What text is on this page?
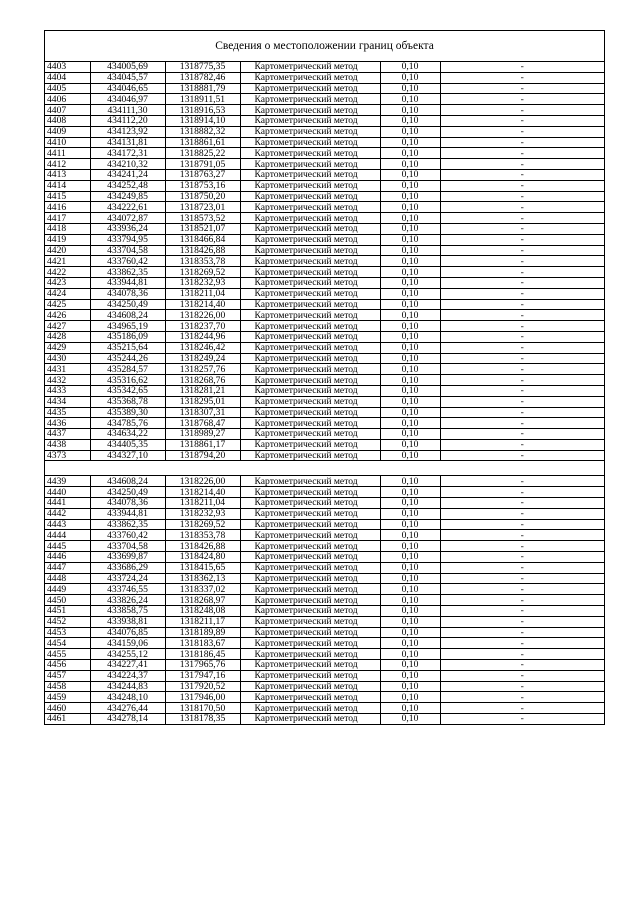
Сведения о местоположении границ объекта
4403	434005,69	1318775,35	Картометрический метод	0,10	-
4404	434045,57	1318782,46	Картометрический метод	0,10	-
4405	434046,65	1318881,79	Картометрический метод	0,10	-
4406	434046,97	1318911,51	Картометрический метод	0,10	-
4407	434111,30	1318916,53	Картометрический метод	0,10	-
4408	434112,20	1318914,10	Картометрический метод	0,10	-
4409	434123,92	1318882,32	Картометрический метод	0,10	-
4410	434131,81	1318861,61	Картометрический метод	0,10	-
4411	434172,31	1318825,22	Картометрический метод	0,10	-
4412	434210,32	1318791,05	Картометрический метод	0,10	-
4413	434241,24	1318763,27	Картометрический метод	0,10	-
4414	434252,48	1318753,16	Картометрический метод	0,10	-
4415	434249,85	1318750,20	Картометрический метод	0,10	-
4416	434222,61	1318723,01	Картометрический метод	0,10	-
4417	434072,87	1318573,52	Картометрический метод	0,10	-
4418	433936,24	1318521,07	Картометрический метод	0,10	-
4419	433794,95	1318466,84	Картометрический метод	0,10	-
4420	433704,58	1318426,88	Картометрический метод	0,10	-
4421	433760,42	1318353,78	Картометрический метод	0,10	-
4422	433862,35	1318269,52	Картометрический метод	0,10	-
4423	433944,81	1318232,93	Картометрический метод	0,10	-
4424	434078,36	1318211,04	Картометрический метод	0,10	-
4425	434250,49	1318214,40	Картометрический метод	0,10	-
4426	434608,24	1318226,00	Картометрический метод	0,10	-
4427	434965,19	1318237,70	Картометрический метод	0,10	-
4428	435186,09	1318244,96	Картометрический метод	0,10	-
4429	435215,64	1318246,42	Картометрический метод	0,10	-
4430	435244,26	1318249,24	Картометрический метод	0,10	-
4431	435284,57	1318257,76	Картометрический метод	0,10	-
4432	435316,62	1318268,76	Картометрический метод	0,10	-
4433	435342,65	1318281,21	Картометрический метод	0,10	-
4434	435368,78	1318295,01	Картометрический метод	0,10	-
4435	435389,30	1318307,31	Картометрический метод	0,10	-
4436	434785,76	1318768,47	Картометрический метод	0,10	-
4437	434634,22	1318989,27	Картометрический метод	0,10	-
4438	434405,35	1318861,17	Картометрический метод	0,10	-
4373	434327,10	1318794,20	Картометрический метод	0,10	-

4439	434608,24	1318226,00	Картометрический метод	0,10	-
4440	434250,49	1318214,40	Картометрический метод	0,10	-
4441	434078,36	1318211,04	Картометрический метод	0,10	-
4442	433944,81	1318232,93	Картометрический метод	0,10	-
4443	433862,35	1318269,52	Картометрический метод	0,10	-
4444	433760,42	1318353,78	Картометрический метод	0,10	-
4445	433704,58	1318426,88	Картометрический метод	0,10	-
4446	433699,87	1318424,80	Картометрический метод	0,10	-
4447	433686,29	1318415,65	Картометрический метод	0,10	-
4448	433724,24	1318362,13	Картометрический метод	0,10	-
4449	433746,55	1318337,02	Картометрический метод	0,10	-
4450	433826,24	1318268,97	Картометрический метод	0,10	-
4451	433858,75	1318248,08	Картометрический метод	0,10	-
4452	433938,81	1318211,17	Картометрический метод	0,10	-
4453	434076,85	1318189,89	Картометрический метод	0,10	-
4454	434159,06	1318183,67	Картометрический метод	0,10	-
4455	434255,12	1318186,45	Картометрический метод	0,10	-
4456	434227,41	1317965,76	Картометрический метод	0,10	-
4457	434224,37	1317947,16	Картометрический метод	0,10	-
4458	434244,83	1317920,52	Картометрический метод	0,10	-
4459	434248,10	1317946,00	Картометрический метод	0,10	-
4460	434276,44	1318170,50	Картометрический метод	0,10	-
4461	434278,14	1318178,35	Картометрический метод	0,10	-
